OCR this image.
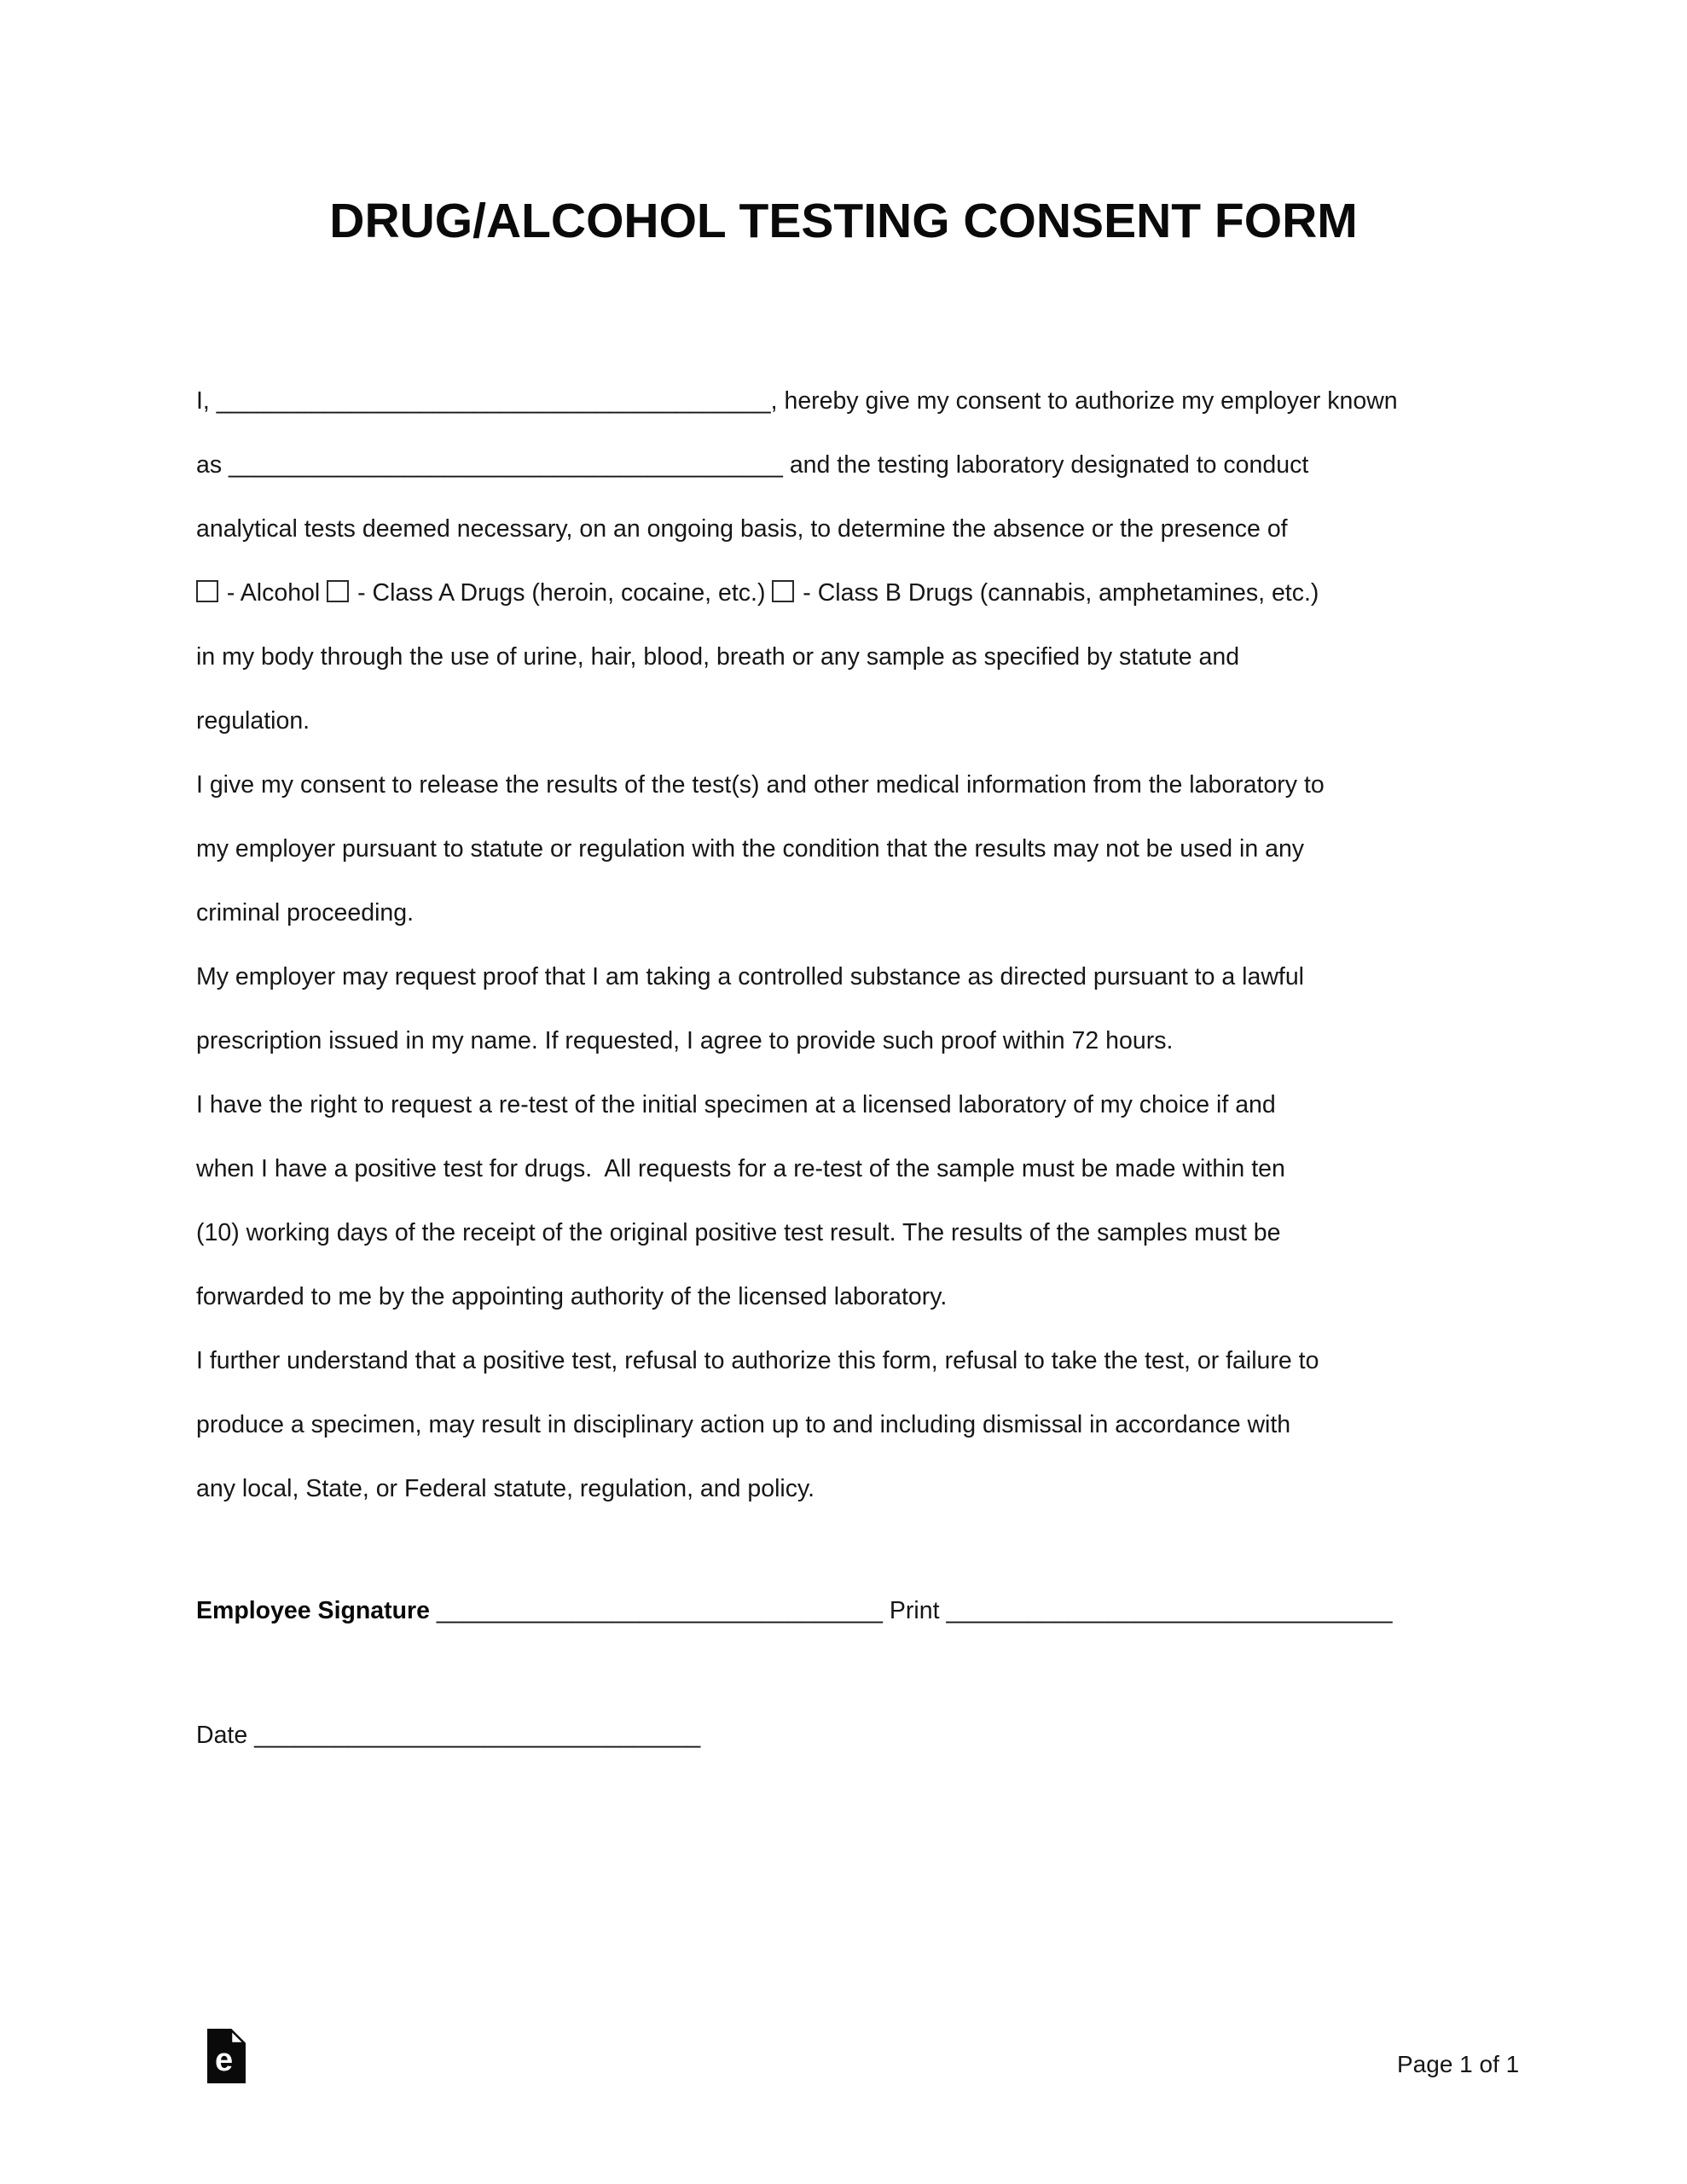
DRUG/ALCOHOL TESTING CONSENT FORM
I, _________________________________________, hereby give my consent to authorize my employer known
as _________________________________________ and the testing laboratory designated to conduct
analytical tests deemed necessary, on an ongoing basis, to determine the absence or the presence of
- Alcohol - Class A Drugs (heroin, cocaine, etc.) - Class B Drugs (cannabis, amphetamines, etc.)
in my body through the use of urine, hair, blood, breath or any sample as specified by statute and
regulation.
I give my consent to release the results of the test(s) and other medical information from the laboratory to
my employer pursuant to statute or regulation with the condition that the results may not be used in any
criminal proceeding.
My employer may request proof that I am taking a controlled substance as directed pursuant to a lawful
prescription issued in my name. If requested, I agree to provide such proof within 72 hours.
I have the right to request a re-test of the initial specimen at a licensed laboratory of my choice if and
when I have a positive test for drugs.  All requests for a re-test of the sample must be made within ten
(10) working days of the receipt of the original positive test result. The results of the samples must be
forwarded to me by the appointing authority of the licensed laboratory.
I further understand that a positive test, refusal to authorize this form, refusal to take the test, or failure to
produce a specimen, may result in disciplinary action up to and including dismissal in accordance with
any local, State, or Federal statute, regulation, and policy.
Employee Signature _________________________________ Print _________________________________
Date _________________________________
e	Page 1 of 1
